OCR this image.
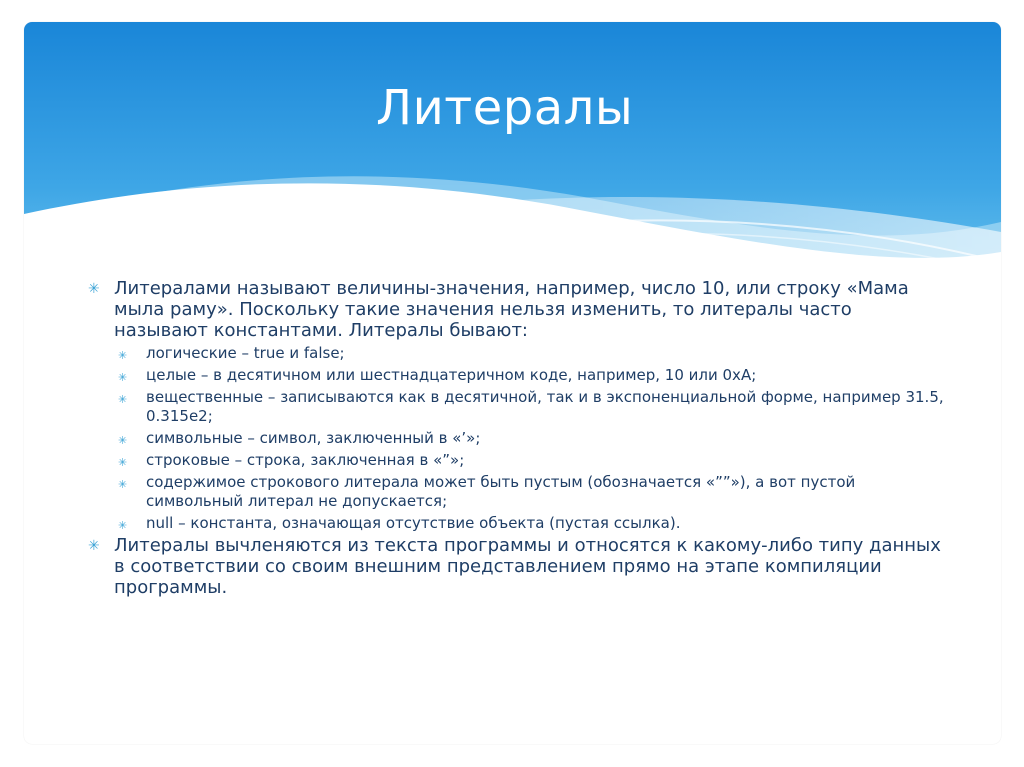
Литералы
✳ Литералами называют величины-значения, например, число 10, или строку «Мама мыла раму». Поскольку такие значения нельзя изменить, то литералы часто называют константами. Литералы бывают:
✳ логические – true и false;
✳ целые – в десятичном или шестнадцатеричном коде, например, 10 или 0xA;
✳ вещественные – записываются как в десятичной, так и в экспоненциальной форме, например 31.5, 0.315e2;
✳ символьные – символ, заключенный в «’»;
✳ строковые – строка, заключенная в «”»;
✳ содержимое строкового литерала может быть пустым (обозначается «””»), а вот пустой символьный литерал не допускается;
✳ null – константа, означающая отсутствие объекта (пустая ссылка).
✳ Литералы вычленяются из текста программы и относятся к какому-либо типу данных в соответствии со своим внешним представлением прямо на этапе компиляции программы.
